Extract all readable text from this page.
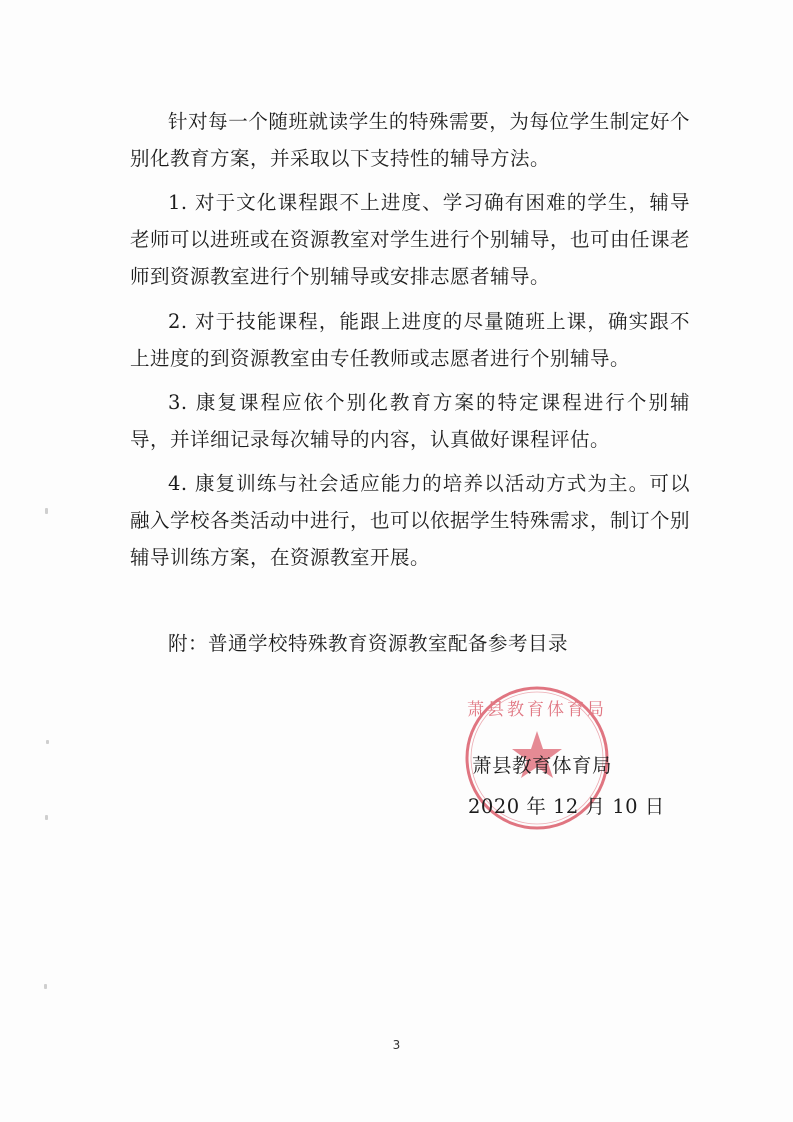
针对每一个随班就读学生的特殊需要，为每位学生制定好个别化教育方案，并采取以下支持性的辅导方法。

1. 对于文化课程跟不上进度、学习确有困难的学生，辅导老师可以进班或在资源教室对学生进行个别辅导，也可由任课老师到资源教室进行个别辅导或安排志愿者辅导。

2. 对于技能课程，能跟上进度的尽量随班上课，确实跟不上进度的到资源教室由专任教师或志愿者进行个别辅导。

3. 康复课程应依个别化教育方案的特定课程进行个别辅导，并详细记录每次辅导的内容，认真做好课程评估。

4. 康复训练与社会适应能力的培养以活动方式为主。可以融入学校各类活动中进行，也可以依据学生特殊需求，制订个别辅导训练方案，在资源教室开展。

附：普通学校特殊教育资源教室配备参考目录

萧县教育体育局
萧县教育体育局
2020 年 12 月 10 日
3
